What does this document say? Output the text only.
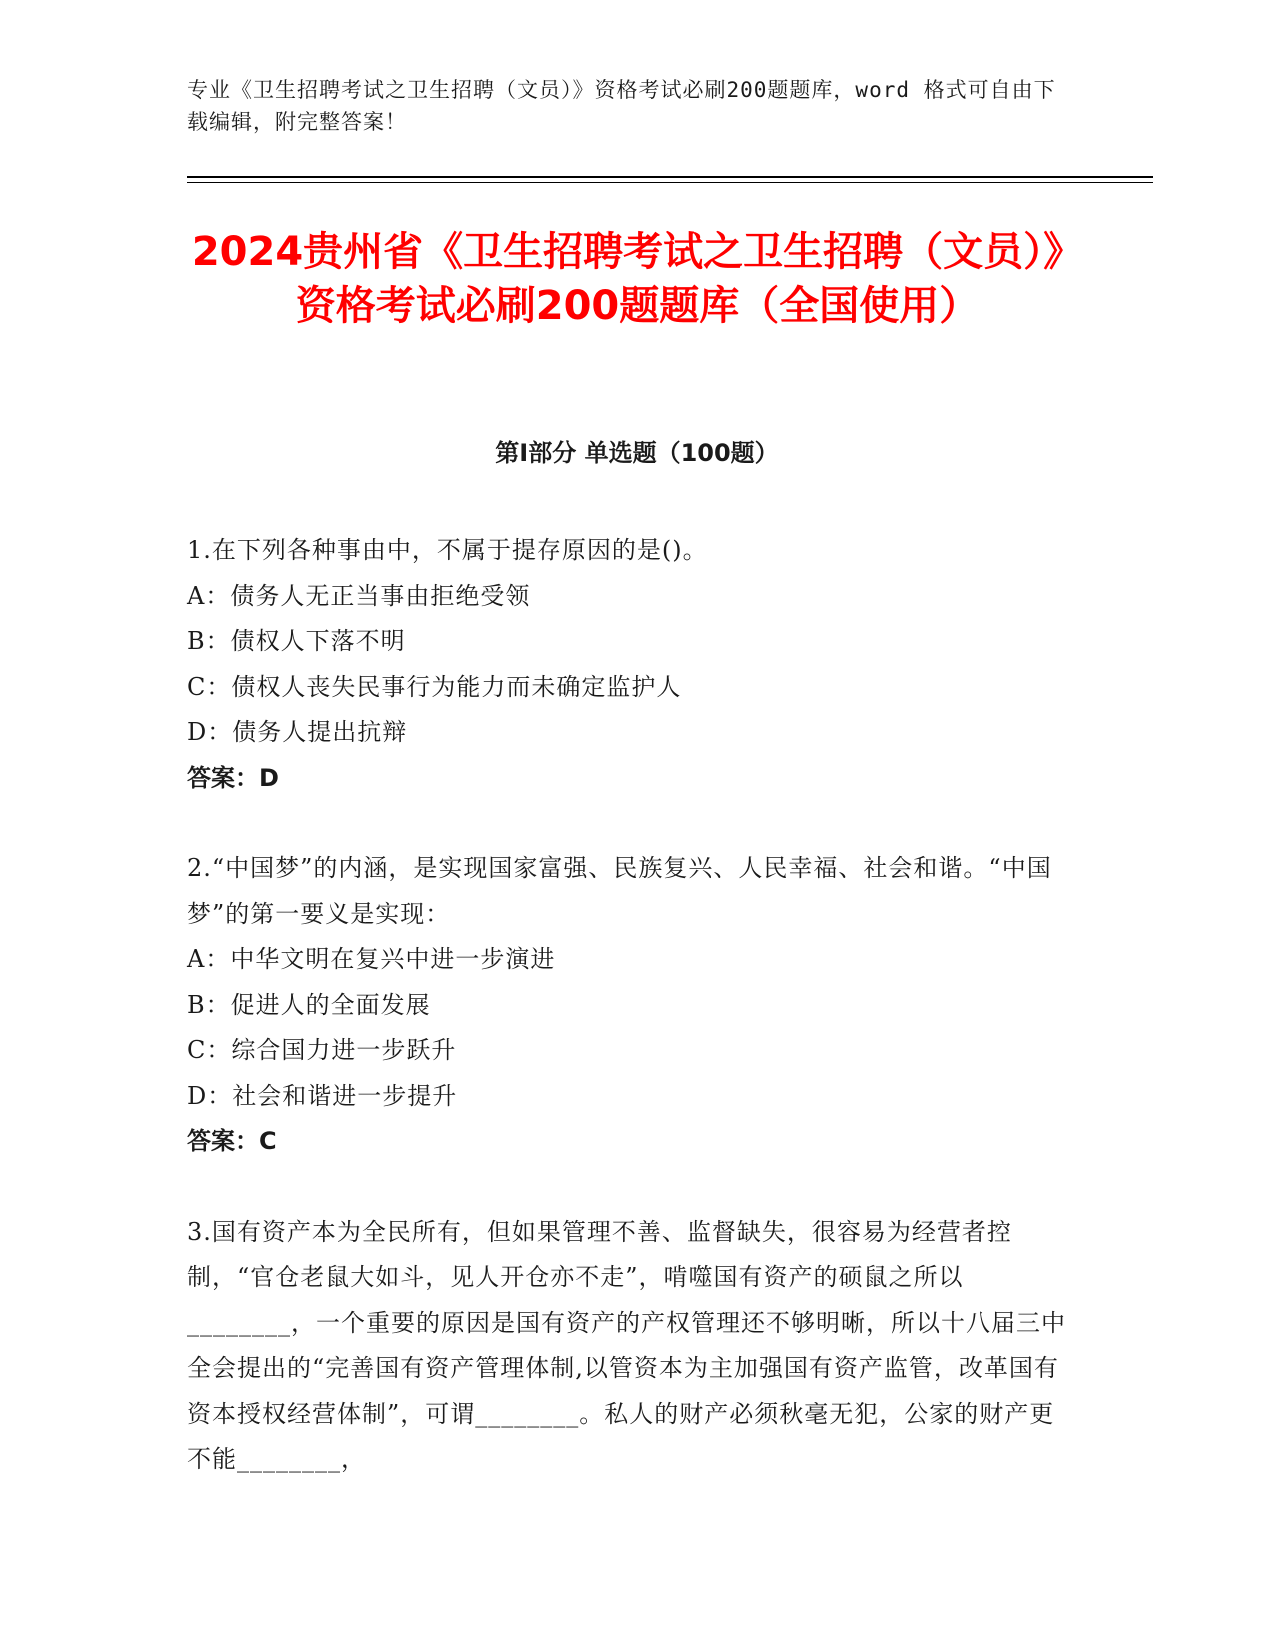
专业《卫生招聘考试之卫生招聘（文员）》资格考试必刷200题题库，word 格式可自由下载编辑，附完整答案！
2024贵州省《卫生招聘考试之卫生招聘（文员）》资格考试必刷200题题库（全国使用）
第Ⅰ部分 单选题（100题）

1.在下列各种事由中，不属于提存原因的是()。

A：债务人无正当事由拒绝受领

B：债权人下落不明

C：债权人丧失民事行为能力而未确定监护人

D：债务人提出抗辩

答案：D

2.“中国梦”的内涵，是实现国家富强、民族复兴、人民幸福、社会和谐。“中国梦”的第一要义是实现：

A：中华文明在复兴中进一步演进

B：促进人的全面发展

C：综合国力进一步跃升

D：社会和谐进一步提升

答案：C

3.国有资产本为全民所有，但如果管理不善、监督缺失，很容易为经营者控制，“官仓老鼠大如斗，见人开仓亦不走”，啃噬国有资产的硕鼠之所以________，一个重要的原因是国有资产的产权管理还不够明晰，所以十八届三中全会提出的“完善国有资产管理体制,以管资本为主加强国有资产监管，改革国有资本授权经营体制”，可谓________。私人的财产必须秋毫无犯，公家的财产更不能________，
